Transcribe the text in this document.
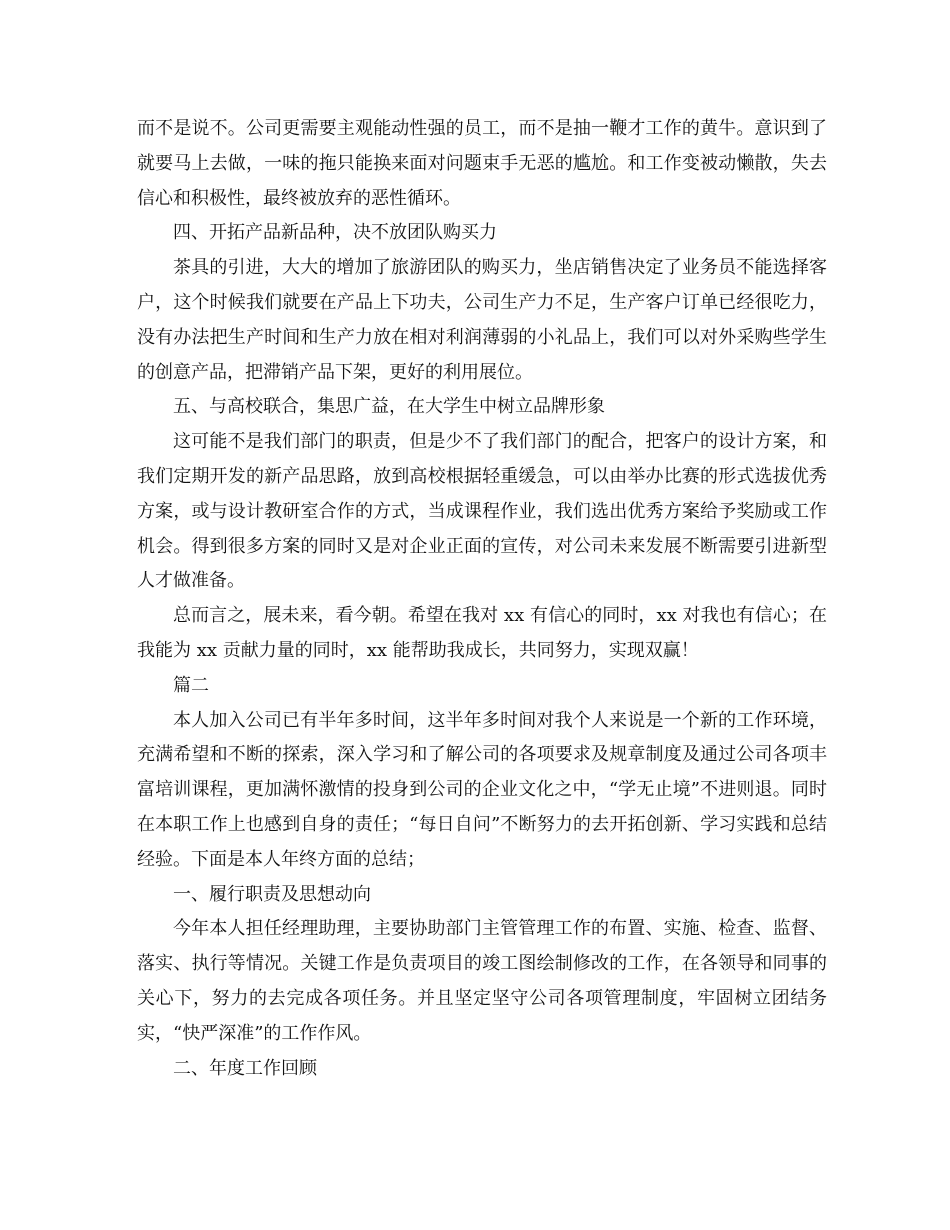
而不是说不。公司更需要主观能动性强的员工，而不是抽一鞭才工作的黄牛。意识到了就要马上去做，一味的拖只能换来面对问题束手无恶的尴尬。和工作变被动懒散，失去信心和积极性，最终被放弃的恶性循环。

四、开拓产品新品种，决不放团队购买力

茶具的引进，大大的增加了旅游团队的购买力，坐店销售决定了业务员不能选择客户，这个时候我们就要在产品上下功夫，公司生产力不足，生产客户订单已经很吃力，没有办法把生产时间和生产力放在相对利润薄弱的小礼品上，我们可以对外采购些学生的创意产品，把滞销产品下架，更好的利用展位。

五、与高校联合，集思广益，在大学生中树立品牌形象

这可能不是我们部门的职责，但是少不了我们部门的配合，把客户的设计方案，和我们定期开发的新产品思路，放到高校根据轻重缓急，可以由举办比赛的形式选拔优秀方案，或与设计教研室合作的方式，当成课程作业，我们选出优秀方案给予奖励或工作机会。得到很多方案的同时又是对企业正面的宣传，对公司未来发展不断需要引进新型人才做准备。

总而言之，展未来，看今朝。希望在我对 xx 有信心的同时，xx 对我也有信心；在我能为 xx 贡献力量的同时，xx 能帮助我成长，共同努力，实现双赢！

篇二

本人加入公司已有半年多时间，这半年多时间对我个人来说是一个新的工作环境，充满希望和不断的探索，深入学习和了解公司的各项要求及规章制度及通过公司各项丰富培训课程，更加满怀激情的投身到公司的企业文化之中，“学无止境”不进则退。同时在本职工作上也感到自身的责任；“每日自问”不断努力的去开拓创新、学习实践和总结经验。下面是本人年终方面的总结；

一、履行职责及思想动向

今年本人担任经理助理，主要协助部门主管管理工作的布置、实施、检查、监督、落实、执行等情况。关键工作是负责项目的竣工图绘制修改的工作，在各领导和同事的关心下，努力的去完成各项任务。并且坚定坚守公司各项管理制度，牢固树立团结务实，“快严深准”的工作作风。

二、年度工作回顾
